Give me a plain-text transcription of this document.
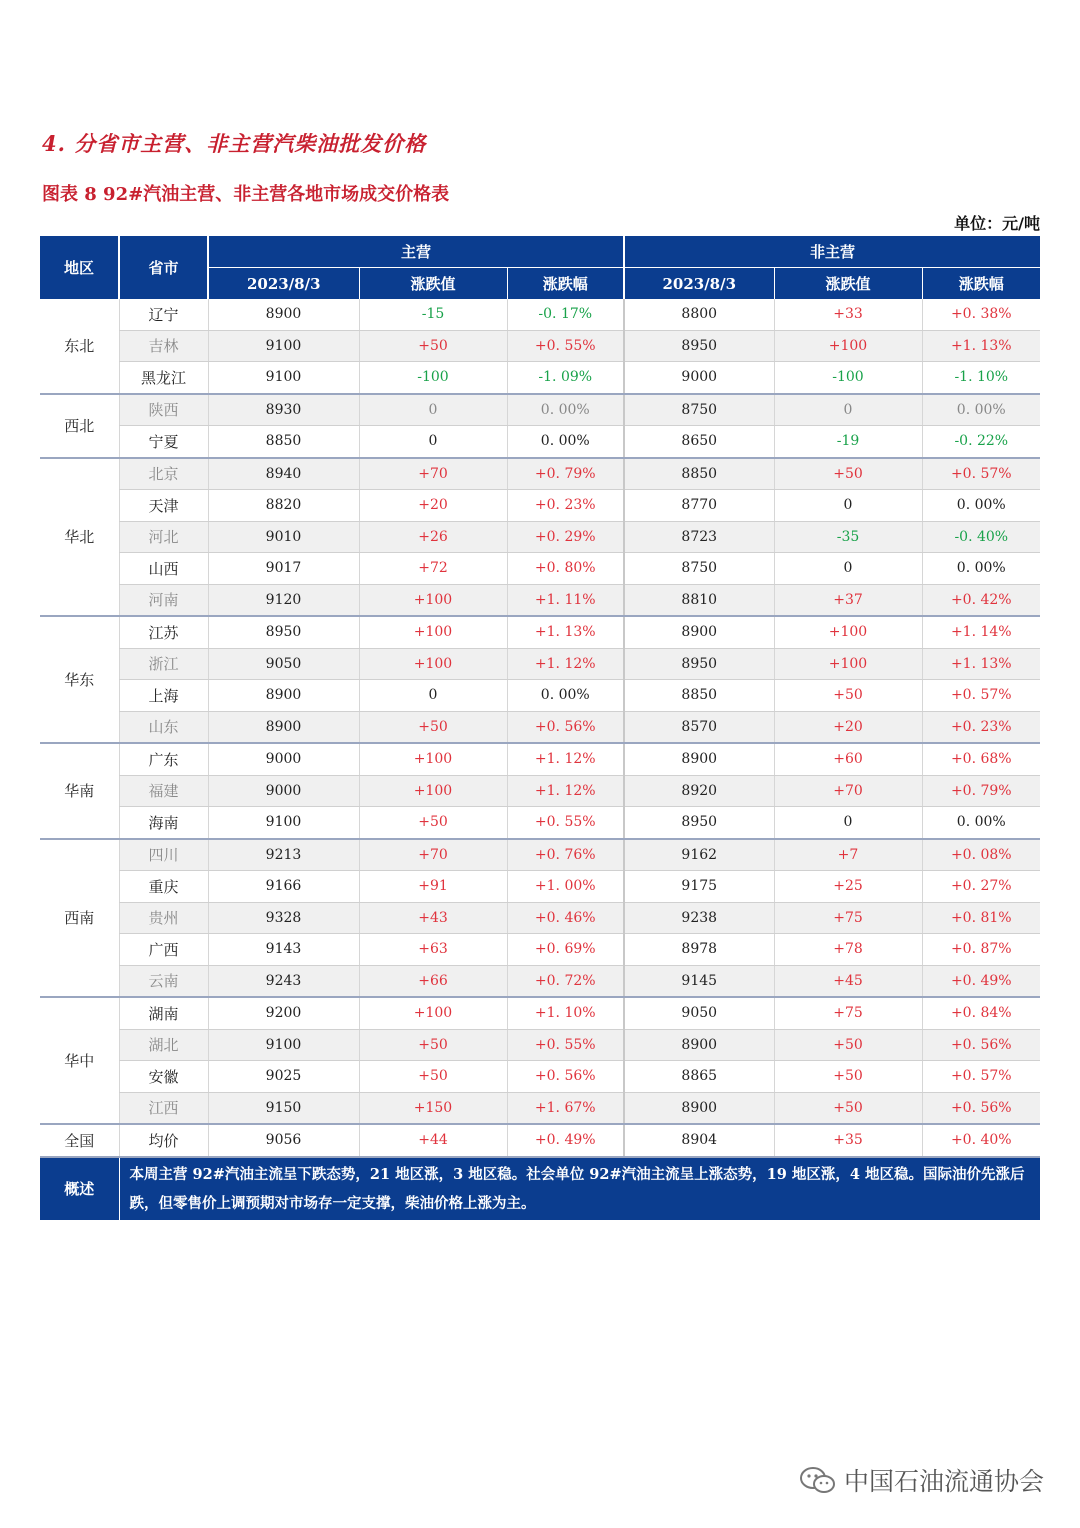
4. 分省市主营、非主营汽柴油批发价格
图表 8 92#汽油主营、非主营各地市场成交价格表
单位：元/吨
地区	省市	主营			非主营		
		2023/8/3	涨跌值	涨跌幅	2023/8/3	涨跌值	涨跌幅
东北	辽宁	8900	-15	-0. 17%	8800	+33	+0. 38%
	吉林	9100	+50	+0. 55%	8950	+100	+1. 13%
	黑龙江	9100	-100	-1. 09%	9000	-100	-1. 10%
西北	陕西	8930	0	0. 00%	8750	0	0. 00%
	宁夏	8850	0	0. 00%	8650	-19	-0. 22%
华北	北京	8940	+70	+0. 79%	8850	+50	+0. 57%
	天津	8820	+20	+0. 23%	8770	0	0. 00%
	河北	9010	+26	+0. 29%	8723	-35	-0. 40%
	山西	9017	+72	+0. 80%	8750	0	0. 00%
	河南	9120	+100	+1. 11%	8810	+37	+0. 42%
华东	江苏	8950	+100	+1. 13%	8900	+100	+1. 14%
	浙江	9050	+100	+1. 12%	8950	+100	+1. 13%
	上海	8900	0	0. 00%	8850	+50	+0. 57%
	山东	8900	+50	+0. 56%	8570	+20	+0. 23%
华南	广东	9000	+100	+1. 12%	8900	+60	+0. 68%
	福建	9000	+100	+1. 12%	8920	+70	+0. 79%
	海南	9100	+50	+0. 55%	8950	0	0. 00%
西南	四川	9213	+70	+0. 76%	9162	+7	+0. 08%
	重庆	9166	+91	+1. 00%	9175	+25	+0. 27%
	贵州	9328	+43	+0. 46%	9238	+75	+0. 81%
	广西	9143	+63	+0. 69%	8978	+78	+0. 87%
	云南	9243	+66	+0. 72%	9145	+45	+0. 49%
华中	湖南	9200	+100	+1. 10%	9050	+75	+0. 84%
	湖北	9100	+50	+0. 55%	8900	+50	+0. 56%
	安徽	9025	+50	+0. 56%	8865	+50	+0. 57%
	江西	9150	+150	+1. 67%	8900	+50	+0. 56%
全国	均价	9056	+44	+0. 49%	8904	+35	+0. 40%
概述	本周主营 92#汽油主流呈下跌态势，21 地区涨，3 地区稳。社会单位 92#汽油主流呈上涨态势，19 地区涨，4 地区稳。国际油价先涨后跌，但零售价上调预期对市场存一定支撑，柴油价格上涨为主。						
中国石油流通协会
